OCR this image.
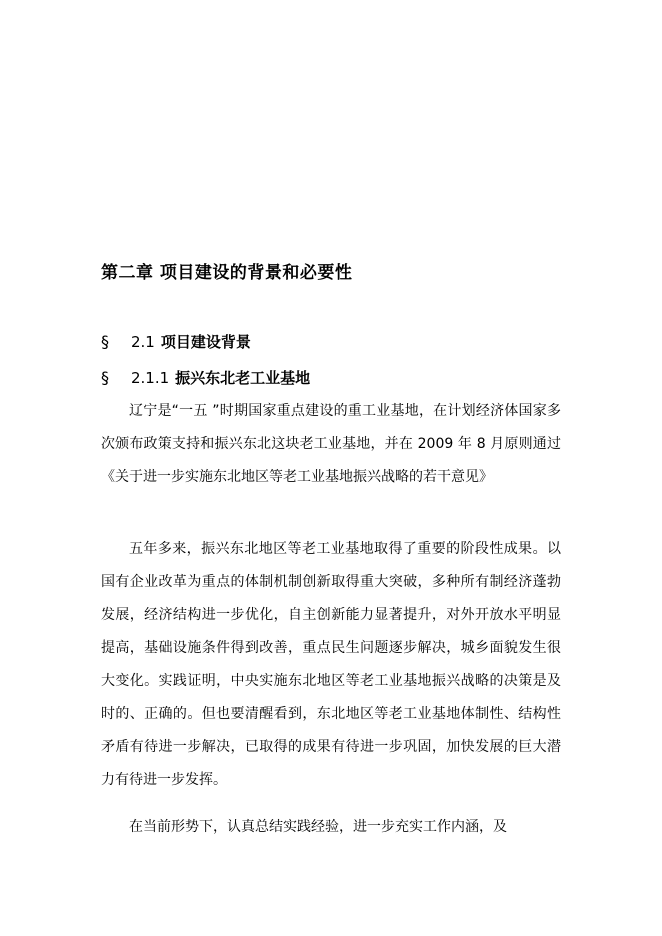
第二章 项目建设的背景和必要性
§	2.1 项目建设背景
§	2.1.1 振兴东北老工业基地

辽宁是“一五 ”时期国家重点建设的重工业基地，在计划经济体国家多次颁布政策支持和振兴东北这块老工业基地，并在 2009 年 8 月原则通过《关于进一步实施东北地区等老工业基地振兴战略的若干意见》

五年多来，振兴东北地区等老工业基地取得了重要的阶段性成果。以国有企业改革为重点的体制机制创新取得重大突破，多种所有制经济蓬勃发展，经济结构进一步优化，自主创新能力显著提升，对外开放水平明显提高，基础设施条件得到改善，重点民生问题逐步解决，城乡面貌发生很大变化。实践证明，中央实施东北地区等老工业基地振兴战略的决策是及时的、正确的。但也要清醒看到，东北地区等老工业基地体制性、结构性矛盾有待进一步解决，已取得的成果有待进一步巩固，加快发展的巨大潜力有待进一步发挥。

在当前形势下，认真总结实践经验，进一步充实工作内涵，及
